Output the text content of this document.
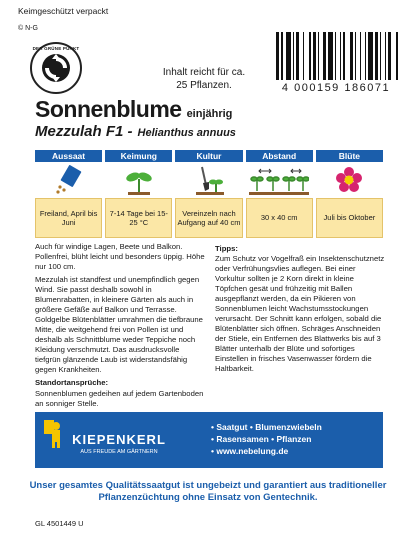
Keimgeschützt verpackt
© N-G
DER GRÜNE PUNKT
Inhalt reicht für ca. 25 Pflanzen.	4 000159 186071
Sonnenblume einjährig
Mezzulah F1 - Helianthus annuus
Aussaat
Freiland, April bis Juni
Keimung
7-14 Tage bei 15-25 °C
Kultur
Vereinzeln nach Aufgang auf 40 cm
Abstand
30 x 40 cm
Blüte
Juli bis Oktober

Auch für windige Lagen, Beete und Balkon. Pollenfrei, blüht leicht und besonders üppig. Höhe nur 100 cm.

Mezzulah ist standfest und unempfindlich gegen Wind. Sie passt deshalb sowohl in Blumenrabatten, in kleinere Gärten als auch in größere Gefäße auf Balkon und Terrasse. Goldgelbe Blütenblätter umrahmen die tiefbraune Mitte, die weitgehend frei von Pollen ist und deshalb als Schnittblume weder Teppiche noch Kleidung verschmutzt. Das ausdrucksvolle tiefgrün glänzende Laub ist widerstandsfähig gegen Krankheiten.

Standortansprüche:

Sonnenblumen gedeihen auf jedem Gartenboden an sonniger Stelle.

Tipps:

Zum Schutz vor Vogelfraß ein Insektenschutznetz oder Verfrühungsvlies auflegen. Bei einer Vorkultur sollten je 2 Korn direkt in kleine Töpfchen gesät und frühzeitig mit Ballen ausgepflanzt werden, da ein Pikieren von Sonnenblumen leicht Wachstumsstockungen verursacht. Der Schnitt kann erfolgen, sobald die Blütenblätter sich öffnen. Schräges Anschneiden der Stiele, ein Entfernen des Blattwerks bis auf 3 Blätter unterhalb der Blüte und sofortiges Einstellen in frisches Vasenwasser fördern die Haltbarkeit.

KIEPENKERL
AUS FREUDE AM GÄRTNERN
• Saatgut • Blumenzwiebeln
• Rasensamen • Pflanzen
• www.nebelung.de
Unser gesamtes Qualitätssaatgut ist ungebeizt und garantiert aus traditioneller Pflanzenzüchtung ohne Einsatz von Gentechnik.
GL 4501449 U
